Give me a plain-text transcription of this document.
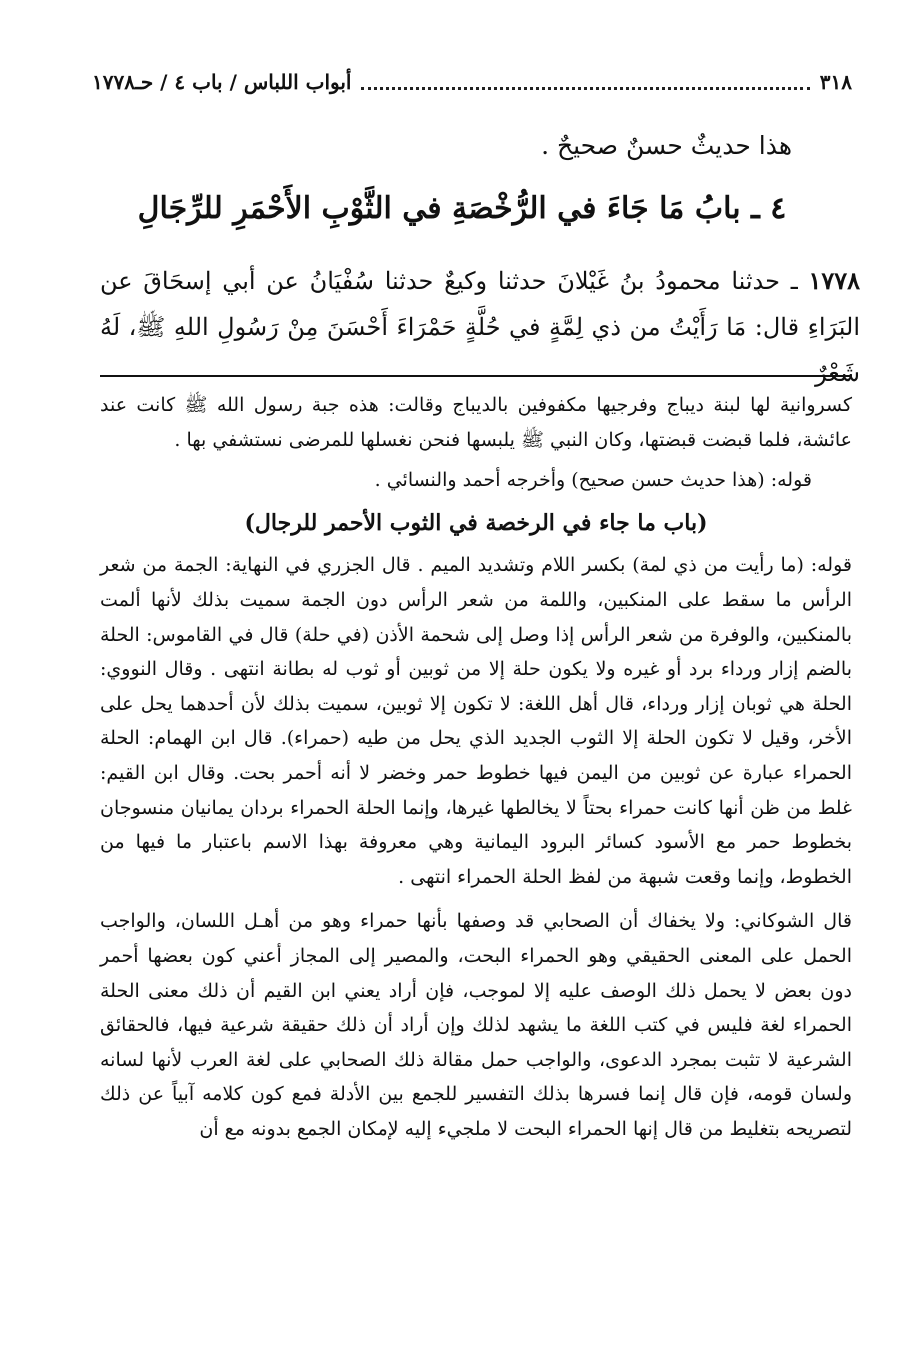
٣١٨
أبواب اللباس / باب ٤ / حـ١٧٧٨
هذا حديثٌ حسنٌ صحيحٌ .
٤ ـ بابُ مَا جَاءَ في الرُّخْصَةِ في الثَّوْبِ الأَحْمَرِ للرِّجَالِ
١٧٧٨ ـ حدثنا محمودُ بنُ غَيْلانَ حدثنا وكيعٌ حدثنا سُفْيَانُ عن أبي إسحَاقَ عن البَرَاءِ قال: مَا رَأَيْتُ من ذي لِمَّةٍ في حُلَّةٍ حَمْرَاءَ أَحْسَنَ مِنْ رَسُولِ اللهِ ﷺ، لَهُ شَعْرٌ

كسروانية لها لبنة ديباج وفرجيها مكفوفين بالديباج وقالت: هذه جبة رسول الله ﷺ كانت عند عائشة، فلما قبضت قبضتها، وكان النبي ﷺ يلبسها فنحن نغسلها للمرضى نستشفي بها .

قوله: (هذا حديث حسن صحيح) وأخرجه أحمد والنسائي .

(باب ما جاء في الرخصة في الثوب الأحمر للرجال)

قوله: (ما رأيت من ذي لمة) بكسر اللام وتشديد الميم . قال الجزري في النهاية: الجمة من شعر الرأس ما سقط على المنكبين، واللمة من شعر الرأس دون الجمة سميت بذلك لأنها ألمت بالمنكبين، والوفرة من شعر الرأس إذا وصل إلى شحمة الأذن (في حلة) قال في القاموس: الحلة بالضم إزار ورداء برد أو غيره ولا يكون حلة إلا من ثوبين أو ثوب له بطانة انتهى . وقال النووي: الحلة هي ثوبان إزار ورداء، قال أهل اللغة: لا تكون إلا ثوبين، سميت بذلك لأن أحدهما يحل على الأخر، وقيل لا تكون الحلة إلا الثوب الجديد الذي يحل من طيه (حمراء). قال ابن الهمام: الحلة الحمراء عبارة عن ثوبين من اليمن فيها خطوط حمر وخضر لا أنه أحمر بحت. وقال ابن القيم: غلط من ظن أنها كانت حمراء بحتاً لا يخالطها غيرها، وإنما الحلة الحمراء بردان يمانيان منسوجان بخطوط حمر مع الأسود كسائر البرود اليمانية وهي معروفة بهذا الاسم باعتبار ما فيها من الخطوط، وإنما وقعت شبهة من لفظ الحلة الحمراء انتهى .

قال الشوكاني: ولا يخفاك أن الصحابي قد وصفها بأنها حمراء وهو من أهـل اللسان، والواجب الحمل على المعنى الحقيقي وهو الحمراء البحت، والمصير إلى المجاز أعني كون بعضها أحمر دون بعض لا يحمل ذلك الوصف عليه إلا لموجب، فإن أراد يعني ابن القيم أن ذلك معنى الحلة الحمراء لغة فليس في كتب اللغة ما يشهد لذلك وإن أراد أن ذلك حقيقة شرعية فيها، فالحقائق الشرعية لا تثبت بمجرد الدعوى، والواجب حمل مقالة ذلك الصحابي على لغة العرب لأنها لسانه ولسان قومه، فإن قال إنما فسرها بذلك التفسير للجمع بين الأدلة فمع كون كلامه آبياً عن ذلك لتصريحه بتغليط من قال إنها الحمراء البحت لا ملجيء إليه لإمكان الجمع بدونه مع أن
